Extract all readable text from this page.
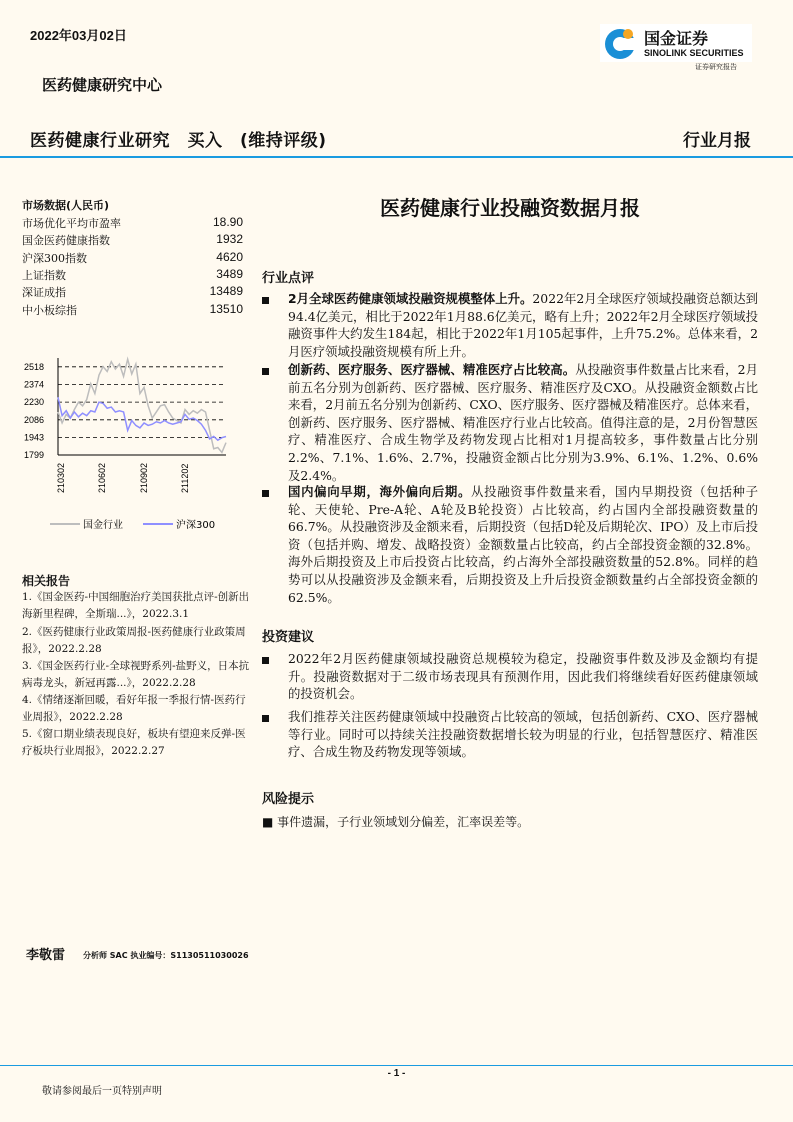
2022年03月02日	国金证券
SINOLINK SECURITIES
证券研究报告
医药健康研究中心
医药健康行业研究　买入　(维持评级)	行业月报
市场数据(人民币)
市场优化平均市盈率	18.90
国金医药健康指数	1932
沪深300指数	4620
上证指数	3489
深证成指	13489
中小板综指	13510
1799
1943
2086
2230
2374
2518
210302	210602	210902	211202
国金行业	沪深300
医药健康行业投融资数据月报
行业点评
2月全球医药健康领域投融资规模整体上升。2022年2月全球医疗领域投融资总额达到94.4亿美元，相比于2022年1月88.6亿美元，略有上升；2022年2月全球医疗领域投融资事件大约发生184起，相比于2022年1月105起事件，上升75.2%。总体来看，2月医疗领域投融资规模有所上升。
创新药、医疗服务、医疗器械、精准医疗占比较高。从投融资事件数量占比来看，2月前五名分别为创新药、医疗器械、医疗服务、精准医疗及CXO。从投融资金额数占比来看，2月前五名分别为创新药、CXO、医疗服务、医疗器械及精准医疗。总体来看，创新药、医疗服务、医疗器械、精准医疗行业占比较高。值得注意的是，2月份智慧医疗、精准医疗、合成生物学及药物发现占比相对1月提高较多，事件数量占比分别2.2%、7.1%、1.6%、2.7%，投融资金额占比分别为3.9%、6.1%、1.2%、0.6%及2.4%。
国内偏向早期，海外偏向后期。从投融资事件数量来看，国内早期投资（包括种子轮、天使轮、Pre-A轮、A轮及B轮投资）占比较高，约占国内全部投融资数量的66.7%。从投融资涉及金额来看，后期投资（包括D轮及后期轮次、IPO）及上市后投资（包括并购、增发、战略投资）金额数量占比较高，约占全部投资金额的32.8%。海外后期投资及上市后投资占比较高，约占海外全部投融资数量的52.8%。同样的趋势可以从投融资涉及金额来看，后期投资及上升后投资金额数量约占全部投资金额的62.5%。
投资建议
2022年2月医药健康领域投融资总规模较为稳定，投融资事件数及涉及金额均有提升。投融资数据对于二级市场表现具有预测作用，因此我们将继续看好医药健康领域的投资机会。
我们推荐关注医药健康领域中投融资占比较高的领域，包括创新药、CXO、医疗器械等行业。同时可以持续关注投融资数据增长较为明显的行业，包括智慧医疗、精准医疗、合成生物及药物发现等领域。
风险提示
■ 事件遗漏，子行业领域划分偏差，汇率误差等。
相关报告
1.《国金医药-中国细胞治疗美国获批点评-创新出海新里程碑，全斯瑞...》，2022.3.1
2.《医药健康行业政策周报-医药健康行业政策周报》，2022.2.28
3.《国金医药行业-全球视野系列-盐野义，日本抗病毒龙头，新冠再露...》，2022.2.28
4.《情绪逐渐回暖，看好年报一季报行情-医药行业周报》，2022.2.28
5.《窗口期业绩表现良好，板块有望迎来反弹-医疗板块行业周报》，2022.2.27
李敬雷 分析师 SAC 执业编号：S1130511030026
- 1 -
敬请参阅最后一页特别声明
